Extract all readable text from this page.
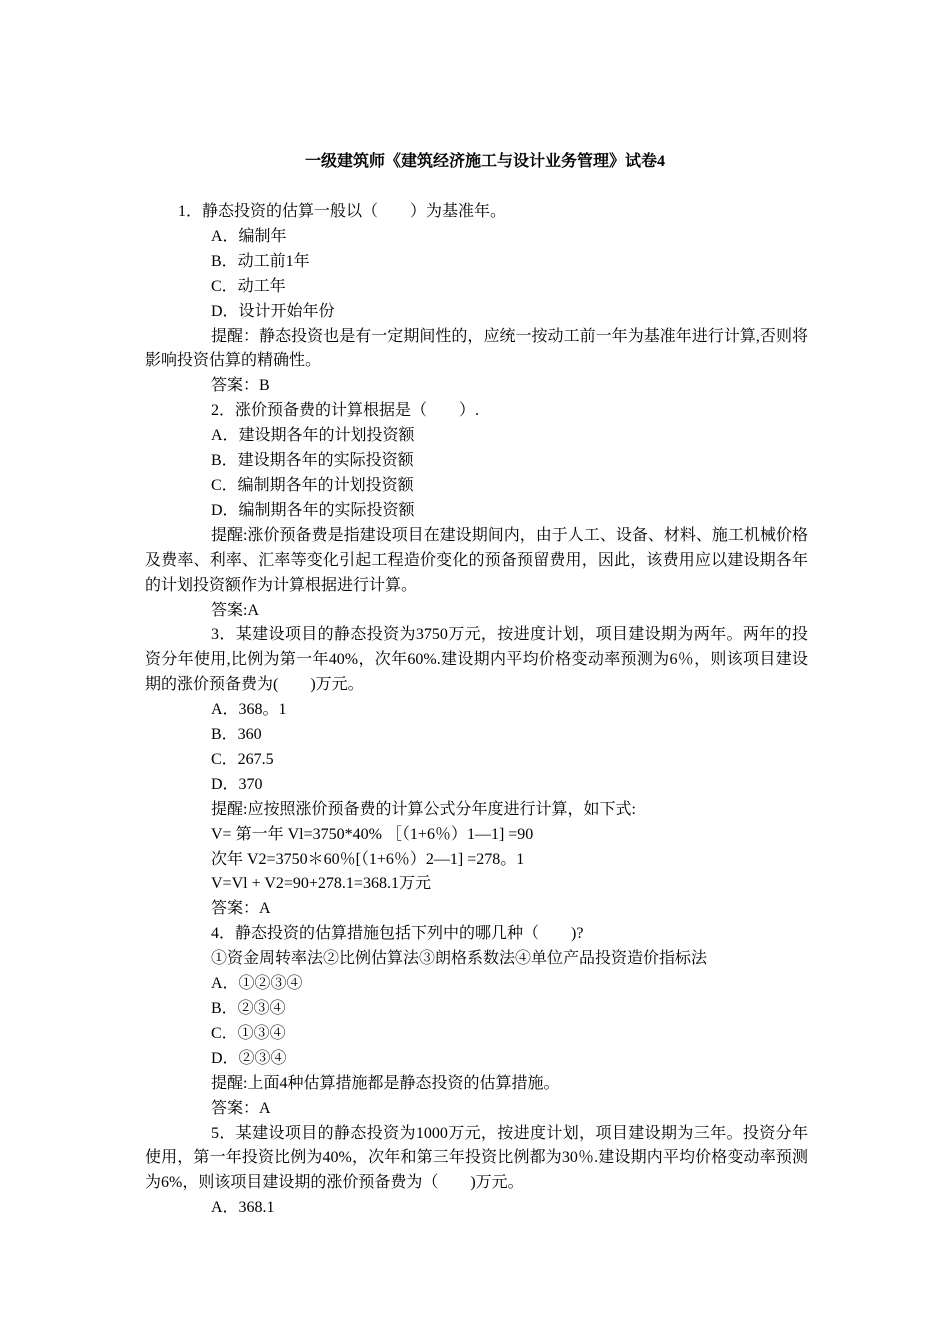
一级建筑师《建筑经济施工与设计业务管理》试卷4

1．静态投资的估算一般以（　　）为基准年。

A．编制年

B．动工前1年

C．动工年

D．设计开始年份

提醒：静态投资也是有一定期间性的，应统一按动工前一年为基准年进行计算,否则将影响投资估算的精确性。

答案：B

2．涨价预备费的计算根据是（　　）.

A．建设期各年的计划投资额

B．建设期各年的实际投资额

C．编制期各年的计划投资额

D．编制期各年的实际投资额

提醒:涨价预备费是指建设项目在建设期间内，由于人工、设备、材料、施工机械价格及费率、利率、汇率等变化引起工程造价变化的预备预留费用，因此，该费用应以建设期各年的计划投资额作为计算根据进行计算。

答案:A

3．某建设项目的静态投资为3750万元，按进度计划，项目建设期为两年。两年的投资分年使用,比例为第一年40%，次年60%.建设期内平均价格变动率预测为6％，则该项目建设期的涨价预备费为(　　)万元。

A．368。1

B．360

C．267.5

D．370

提醒:应按照涨价预备费的计算公式分年度进行计算，如下式:

V= 第一年 Vl=3750*40% ［（1+6％）1—1] =90

次年 V2=3750＊60％[（1+6％）2—1] =278。1

V=Vl + V2=90+278.1=368.1万元

答案：A

4．静态投资的估算措施包括下列中的哪几种（　　)?

①资金周转率法②比例估算法③朗格系数法④单位产品投资造价指标法

A．①②③④

B．②③④

C．①③④

D．②③④

提醒:上面4种估算措施都是静态投资的估算措施。

答案：A

5．某建设项目的静态投资为1000万元，按进度计划，项目建设期为三年。投资分年使用，第一年投资比例为40%，次年和第三年投资比例都为30％.建设期内平均价格变动率预测为6%，则该项目建设期的涨价预备费为（　　)万元。

A．368.1
